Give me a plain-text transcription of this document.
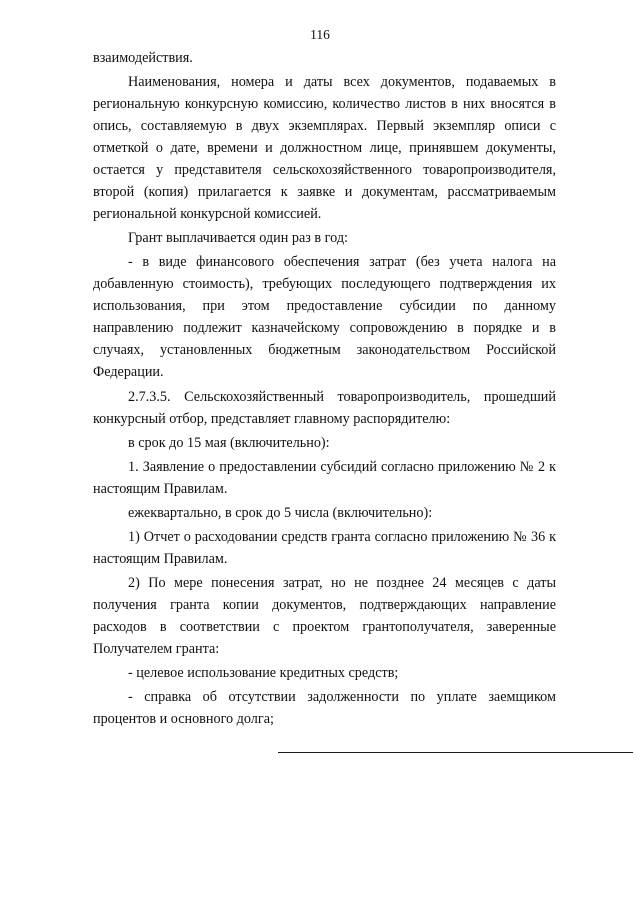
116

взаимодействия.

Наименования, номера и даты всех документов, подаваемых в региональную конкурсную комиссию, количество листов в них вносятся в опись, составляемую в двух экземплярах. Первый экземпляр описи с отметкой о дате, времени и должностном лице, принявшем документы, остается у представителя сельскохозяйственного товаропроизводителя, второй (копия) прилагается к заявке и документам, рассматриваемым региональной конкурсной комиссией.

Грант выплачивается один раз в год:

- в виде финансового обеспечения затрат (без учета налога на добавленную стоимость), требующих последующего подтверждения их использования, при этом предоставление субсидии по данному направлению подлежит казначейскому сопровождению в порядке и в случаях, установленных бюджетным законодательством Российской Федерации.

2.7.3.5. Сельскохозяйственный товаропроизводитель, прошедший конкурсный отбор, представляет главному распорядителю:

в срок до 15 мая (включительно):

1. Заявление о предоставлении субсидий согласно приложению № 2 к настоящим Правилам.

ежеквартально, в срок до 5 числа (включительно):

1) Отчет о расходовании средств гранта согласно приложению № 36 к настоящим Правилам.

2) По мере понесения затрат, но не позднее 24 месяцев с даты получения гранта копии документов, подтверждающих направление расходов в соответствии с проектом грантополучателя, заверенные Получателем гранта:

- целевое использование кредитных средств;

- справка об отсутствии задолженности по уплате заемщиком процентов и основного долга;
